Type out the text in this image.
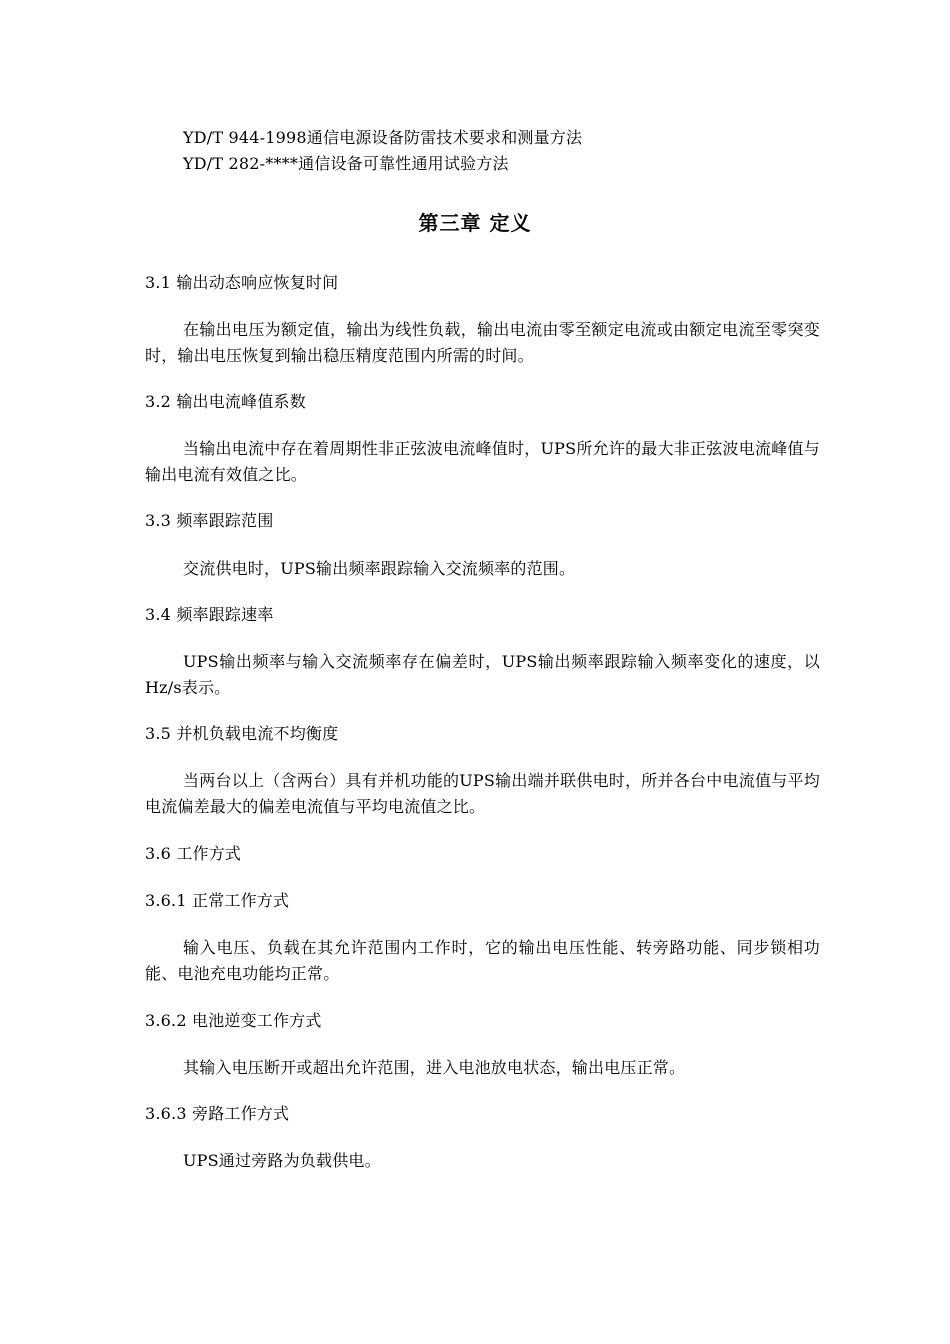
YD/T 944-1998通信电源设备防雷技术要求和测量方法
YD/T 282-****通信设备可靠性通用试验方法
第三章 定义
3.1 输出动态响应恢复时间
在输出电压为额定值，输出为线性负载，输出电流由零至额定电流或由额定电流至零突变时，输出电压恢复到输出稳压精度范围内所需的时间。
3.2 输出电流峰值系数
当输出电流中存在着周期性非正弦波电流峰值时，UPS所允许的最大非正弦波电流峰值与输出电流有效值之比。
3.3 频率跟踪范围
交流供电时，UPS输出频率跟踪输入交流频率的范围。
3.4 频率跟踪速率
UPS输出频率与输入交流频率存在偏差时，UPS输出频率跟踪输入频率变化的速度，以Hz/s表示。
3.5 并机负载电流不均衡度
当两台以上（含两台）具有并机功能的UPS输出端并联供电时，所并各台中电流值与平均电流偏差最大的偏差电流值与平均电流值之比。
3.6 工作方式
3.6.1 正常工作方式
输入电压、负载在其允许范围内工作时，它的输出电压性能、转旁路功能、同步锁相功能、电池充电功能均正常。
3.6.2 电池逆变工作方式
其输入电压断开或超出允许范围，进入电池放电状态，输出电压正常。
3.6.3 旁路工作方式
UPS通过旁路为负载供电。
